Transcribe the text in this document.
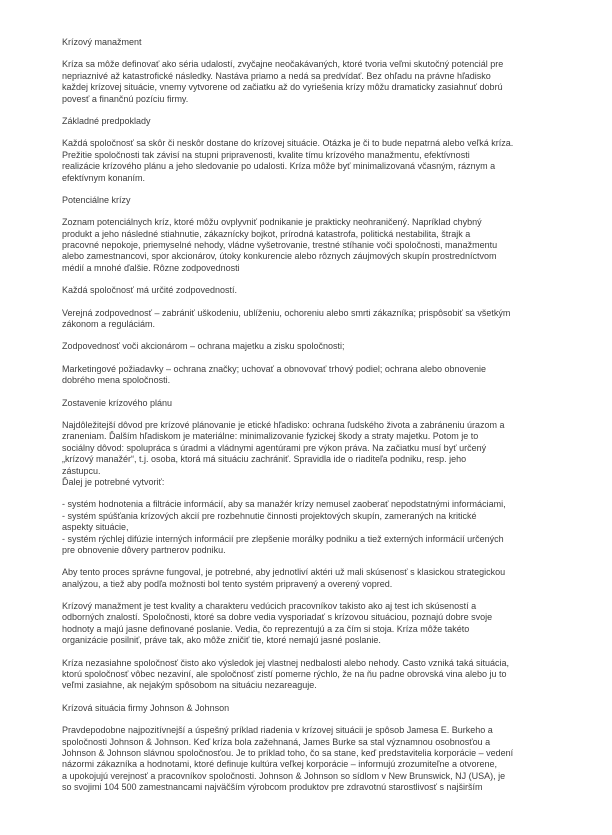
Krízový manažment
Kríza sa môže definovať ako séria udalostí, zvyčajne neočakávaných, ktoré tvoria veľmi skutočný potenciál pre
nepriaznivé až katastrofické následky. Nastáva priamo a nedá sa predvídať. Bez ohľadu na právne hľadisko
každej krízovej situácie, vnemy vytvorene od začiatku až do vyriešenia krízy môžu dramaticky zasiahnuť dobrú
povesť a finančnú pozíciu firmy.
Základné predpoklady
Každá spoločnosť sa skôr či neskôr dostane do krízovej situácie. Otázka je či to bude nepatrná alebo veľká kríza.
Prežitie spoločnosti tak závisí na stupni pripravenosti, kvalite tímu krízového manažmentu, efektívnosti
realizácie krízového plánu a jeho sledovanie po udalosti. Kríza môže byť minimalizovaná včasným, ráznym a
efektívnym konaním.
Potenciálne krízy
Zoznam potenciálnych kríz, ktoré môžu ovplyvniť podnikanie je prakticky neohraničený. Napríklad chybný
produkt a jeho následné stiahnutie, zákaznícky bojkot, prírodná katastrofa, politická nestabilita, štrajk a
pracovné nepokoje, priemyselné nehody, vládne vyšetrovanie, trestné stíhanie voči spoločnosti, manažmentu
alebo zamestnancovi, spor akcionárov, útoky konkurencie alebo rôznych záujmových skupín prostredníctvom
médií a mnohé ďalšie. Rôzne zodpovednosti
Každá spoločnosť má určité zodpovedností.
Verejná zodpovednosť – zabrániť uškodeniu, ublíženiu, ochoreniu alebo smrti zákazníka; prispôsobiť sa všetkým
zákonom a reguláciám.
Zodpovednosť voči akcionárom – ochrana majetku a zisku spoločnosti;
Marketingové požiadavky – ochrana značky; uchovať a obnovovať trhový podiel; ochrana alebo obnovenie
dobrého mena spoločnosti.
Zostavenie krízového plánu
Najdôležitejší dôvod pre krízové plánovanie je etické hľadisko: ochrana ľudského života a zabráneniu úrazom a
zraneniam. Ďalším hľadiskom je materiálne: minimalizovanie fyzickej škody a straty majetku. Potom je to
sociálny dôvod: spolupráca s úradmi a vládnymi agentúrami pre výkon práva. Na začiatku musí byť určený
„krízový manažér“, t.j. osoba, ktorá má situáciu zachrániť. Spravidla ide o riaditeľa podniku, resp. jeho
zástupcu.
Ďalej je potrebné vytvoriť:
- systém hodnotenia a filtrácie informácií, aby sa manažér krízy nemusel zaoberať nepodstatnými informáciami,
- systém spúšťania krízových akcií pre rozbehnutie činnosti projektových skupín, zameraných na kritické
aspekty situácie,
- systém rýchlej difúzie interných informácií pre zlepšenie morálky podniku a tiež externých informácií určených
pre obnovenie dôvery partnerov podniku.
Aby tento proces správne fungoval, je potrebné, aby jednotliví aktéri už mali skúsenosť s klasickou strategickou
analýzou, a tiež aby podľa možnosti bol tento systém pripravený a overený vopred.
Krízový manažment je test kvality a charakteru vedúcich pracovníkov takisto ako aj test ich skúseností a
odborných znalostí. Spoločnosti, ktoré sa dobre vedia vysporiadať s krízovou situáciou, poznajú dobre svoje
hodnoty a majú jasne definované poslanie. Vedia, čo reprezentujú a za čím si stoja. Kríza môže takéto
organizácie posilniť, práve tak, ako môže zničiť tie, ktoré nemajú jasné poslanie.
Kríza nezasiahne spoločnosť čisto ako výsledok jej vlastnej nedbalosti alebo nehody. Casto vzniká taká situácia,
ktorú spoločnosť vôbec nezaviní, ale spoločnosť zistí pomerne rýchlo, že na ňu padne obrovská vina alebo ju to
veľmi zasiahne, ak nejakým spôsobom na situáciu nezareaguje.
Krízová situácia firmy Johnson & Johnson
Pravdepodobne najpozitívnejší a úspešný príklad riadenia v krízovej situácii je spôsob Jamesa E. Burkeho a
spoločnosti Johnson & Johnson. Keď kríza bola zažehnaná, James Burke sa stal významnou osobnosťou a
Johnson & Johnson slávnou spoločnosťou. Je to príklad toho, čo sa stane, keď predstavitelia korporácie – vedení
názormi zákazníka a hodnotami, ktoré definuje kultúra veľkej korporácie – informujú zrozumiteľne a otvorene,
a upokojujú verejnosť a pracovníkov spoločnosti. Johnson & Johnson so sídlom v New Brunswick, NJ (USA), je
so svojimi 104 500 zamestnancami najväčším výrobcom produktov pre zdravotnú starostlivosť s najširším
